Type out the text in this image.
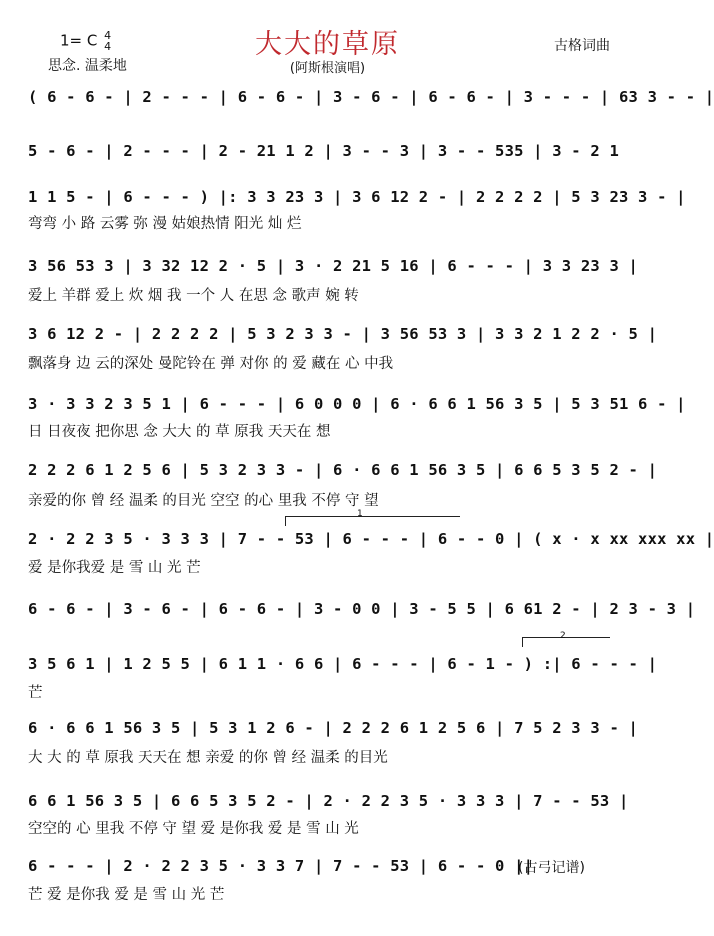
1= C 4
4
思念. 温柔地
大大的草原
(阿斯根演唱)
古格词曲
( 6 - 6 - | 2 - - - | 6 - 6 - | 3 - 6 - | 6 - 6 - | 3 - - - | 63 3 - - |
5 - 6 - | 2 - - - | 2 - 21 1 2 | 3 - - 3 | 3 - - 535 | 3 - 2 1
1 1 5 - | 6 - - - ) |: 3 3 23 3 | 3 6 12 2 - | 2 2 2 2 | 5 3 23 3 - |
弯弯 小 路 云雾 弥 漫 姑娘热情 阳光 灿 烂
3 56 53 3 | 3 32 12 2 · 5 | 3 · 2 21 5 16 | 6 - - - | 3 3 23 3 |
爱上 羊群 爱上 炊 烟 我 一个 人 在思 念 歌声 婉 转
3 6 12 2 - | 2 2 2 2 | 5 3 2 3 3 - | 3 56 53 3 | 3 3 2 1 2 2 · 5 |
飘落身 边 云的深处 曼陀铃在 弹 对你 的 爱 藏在 心 中我
3 · 3 3 2 3 5 1 | 6 - - - | 6 0 0 0 | 6 · 6 6 1 56 3 5 | 5 3 51 6 - |
日 日夜夜 把你思 念 大大 的 草 原我 天天在 想
2 2 2 6 1 2 5 6 | 5 3 2 3 3 - | 6 · 6 6 1 56 3 5 | 6 6 5 3 5 2 - |
亲爱的你 曾 经 温柔 的目光 空空 的心 里我 不停 守 望
1
2 · 2 2 3 5 · 3 3 3 | 7 - - 53 | 6 - - - | 6 - - 0 | ( x · x xx xxx xx |
爱 是你我爱 是 雪 山 光 芒
6 - 6 - | 3 - 6 - | 6 - 6 - | 3 - 0 0 | 3 - 5 5 | 6 61 2 - | 2 3 - 3 |
2
3 5 6 1 | 1 2 5 5 | 6 1 1 · 6 6 | 6 - - - | 6 - 1 - ) :| 6 - - - |
芒
6 · 6 6 1 56 3 5 | 5 3 1 2 6 - | 2 2 2 6 1 2 5 6 | 7 5 2 3 3 - |
大 大 的 草 原我 天天在 想 亲爱 的你 曾 经 温柔 的目光
6 6 1 56 3 5 | 6 6 5 3 5 2 - | 2 · 2 2 3 5 · 3 3 3 | 7 - - 53 |
空空的 心 里我 不停 守 望 爱 是你我 爱 是 雪 山 光
6 - - - | 2 · 2 2 3 5 · 3 3 7 | 7 - - 53 | 6 - - 0 ||
芒 爱 是你我 爱 是 雪 山 光 芒
(古弓记谱)
